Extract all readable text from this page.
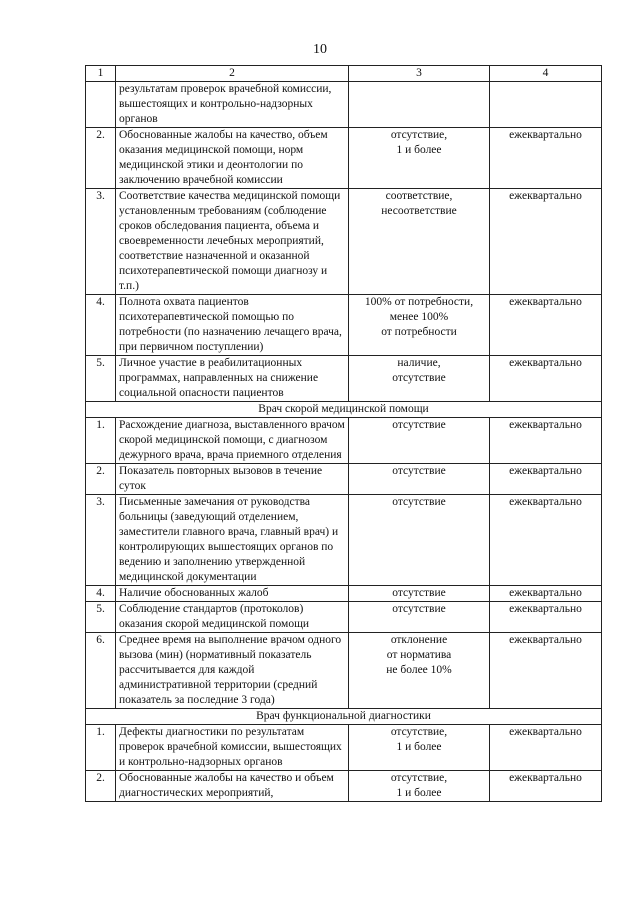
10
1	2	3	4
	результатам проверок врачебной комиссии, вышестоящих и контрольно-надзорных органов		
2.	Обоснованные жалобы на качество, объем оказания медицинской помощи, норм медицинской этики и деонтологии по заключению врачебной комиссии	отсутствие,
1 и более	ежеквартально
3.	Соответствие качества медицинской помощи установленным требованиям (соблюдение сроков обследования пациента, объема и своевременности лечебных мероприятий, соответствие назначенной и оказанной психотерапевтической помощи диагнозу и т.п.)	соответствие,
несоответствие	ежеквартально
4.	Полнота охвата пациентов психотерапевтической помощью по потребности (по назначению лечащего врача, при первичном поступлении)	100% от потребности,
менее 100%
от потребности	ежеквартально
5.	Личное участие в реабилитационных программах, направленных на снижение социальной опасности пациентов	наличие,
отсутствие	ежеквартально
Врач скорой медицинской помощи			
1.	Расхождение диагноза, выставленного врачом скорой медицинской помощи, с диагнозом дежурного врача, врача приемного отделения	отсутствие	ежеквартально
2.	Показатель повторных вызовов в течение суток	отсутствие	ежеквартально
3.	Письменные замечания от руководства больницы (заведующий отделением, заместители главного врача, главный врач) и контролирующих вышестоящих органов по ведению и заполнению утвержденной медицинской документации	отсутствие	ежеквартально
4.	Наличие обоснованных жалоб	отсутствие	ежеквартально
5.	Соблюдение стандартов (протоколов) оказания скорой медицинской помощи	отсутствие	ежеквартально
6.	Среднее время на выполнение врачом одного вызова (мин) (нормативный показатель рассчитывается для каждой административной территории (средний показатель за последние 3 года)	отклонение
от норматива
не более 10%	ежеквартально
Врач функциональной диагностики			
1.	Дефекты диагностики по результатам проверок врачебной комиссии, вышестоящих и контрольно-надзорных органов	отсутствие,
1 и более	ежеквартально
2.	Обоснованные жалобы на качество и объем диагностических мероприятий,	отсутствие,
1 и более	ежеквартально
